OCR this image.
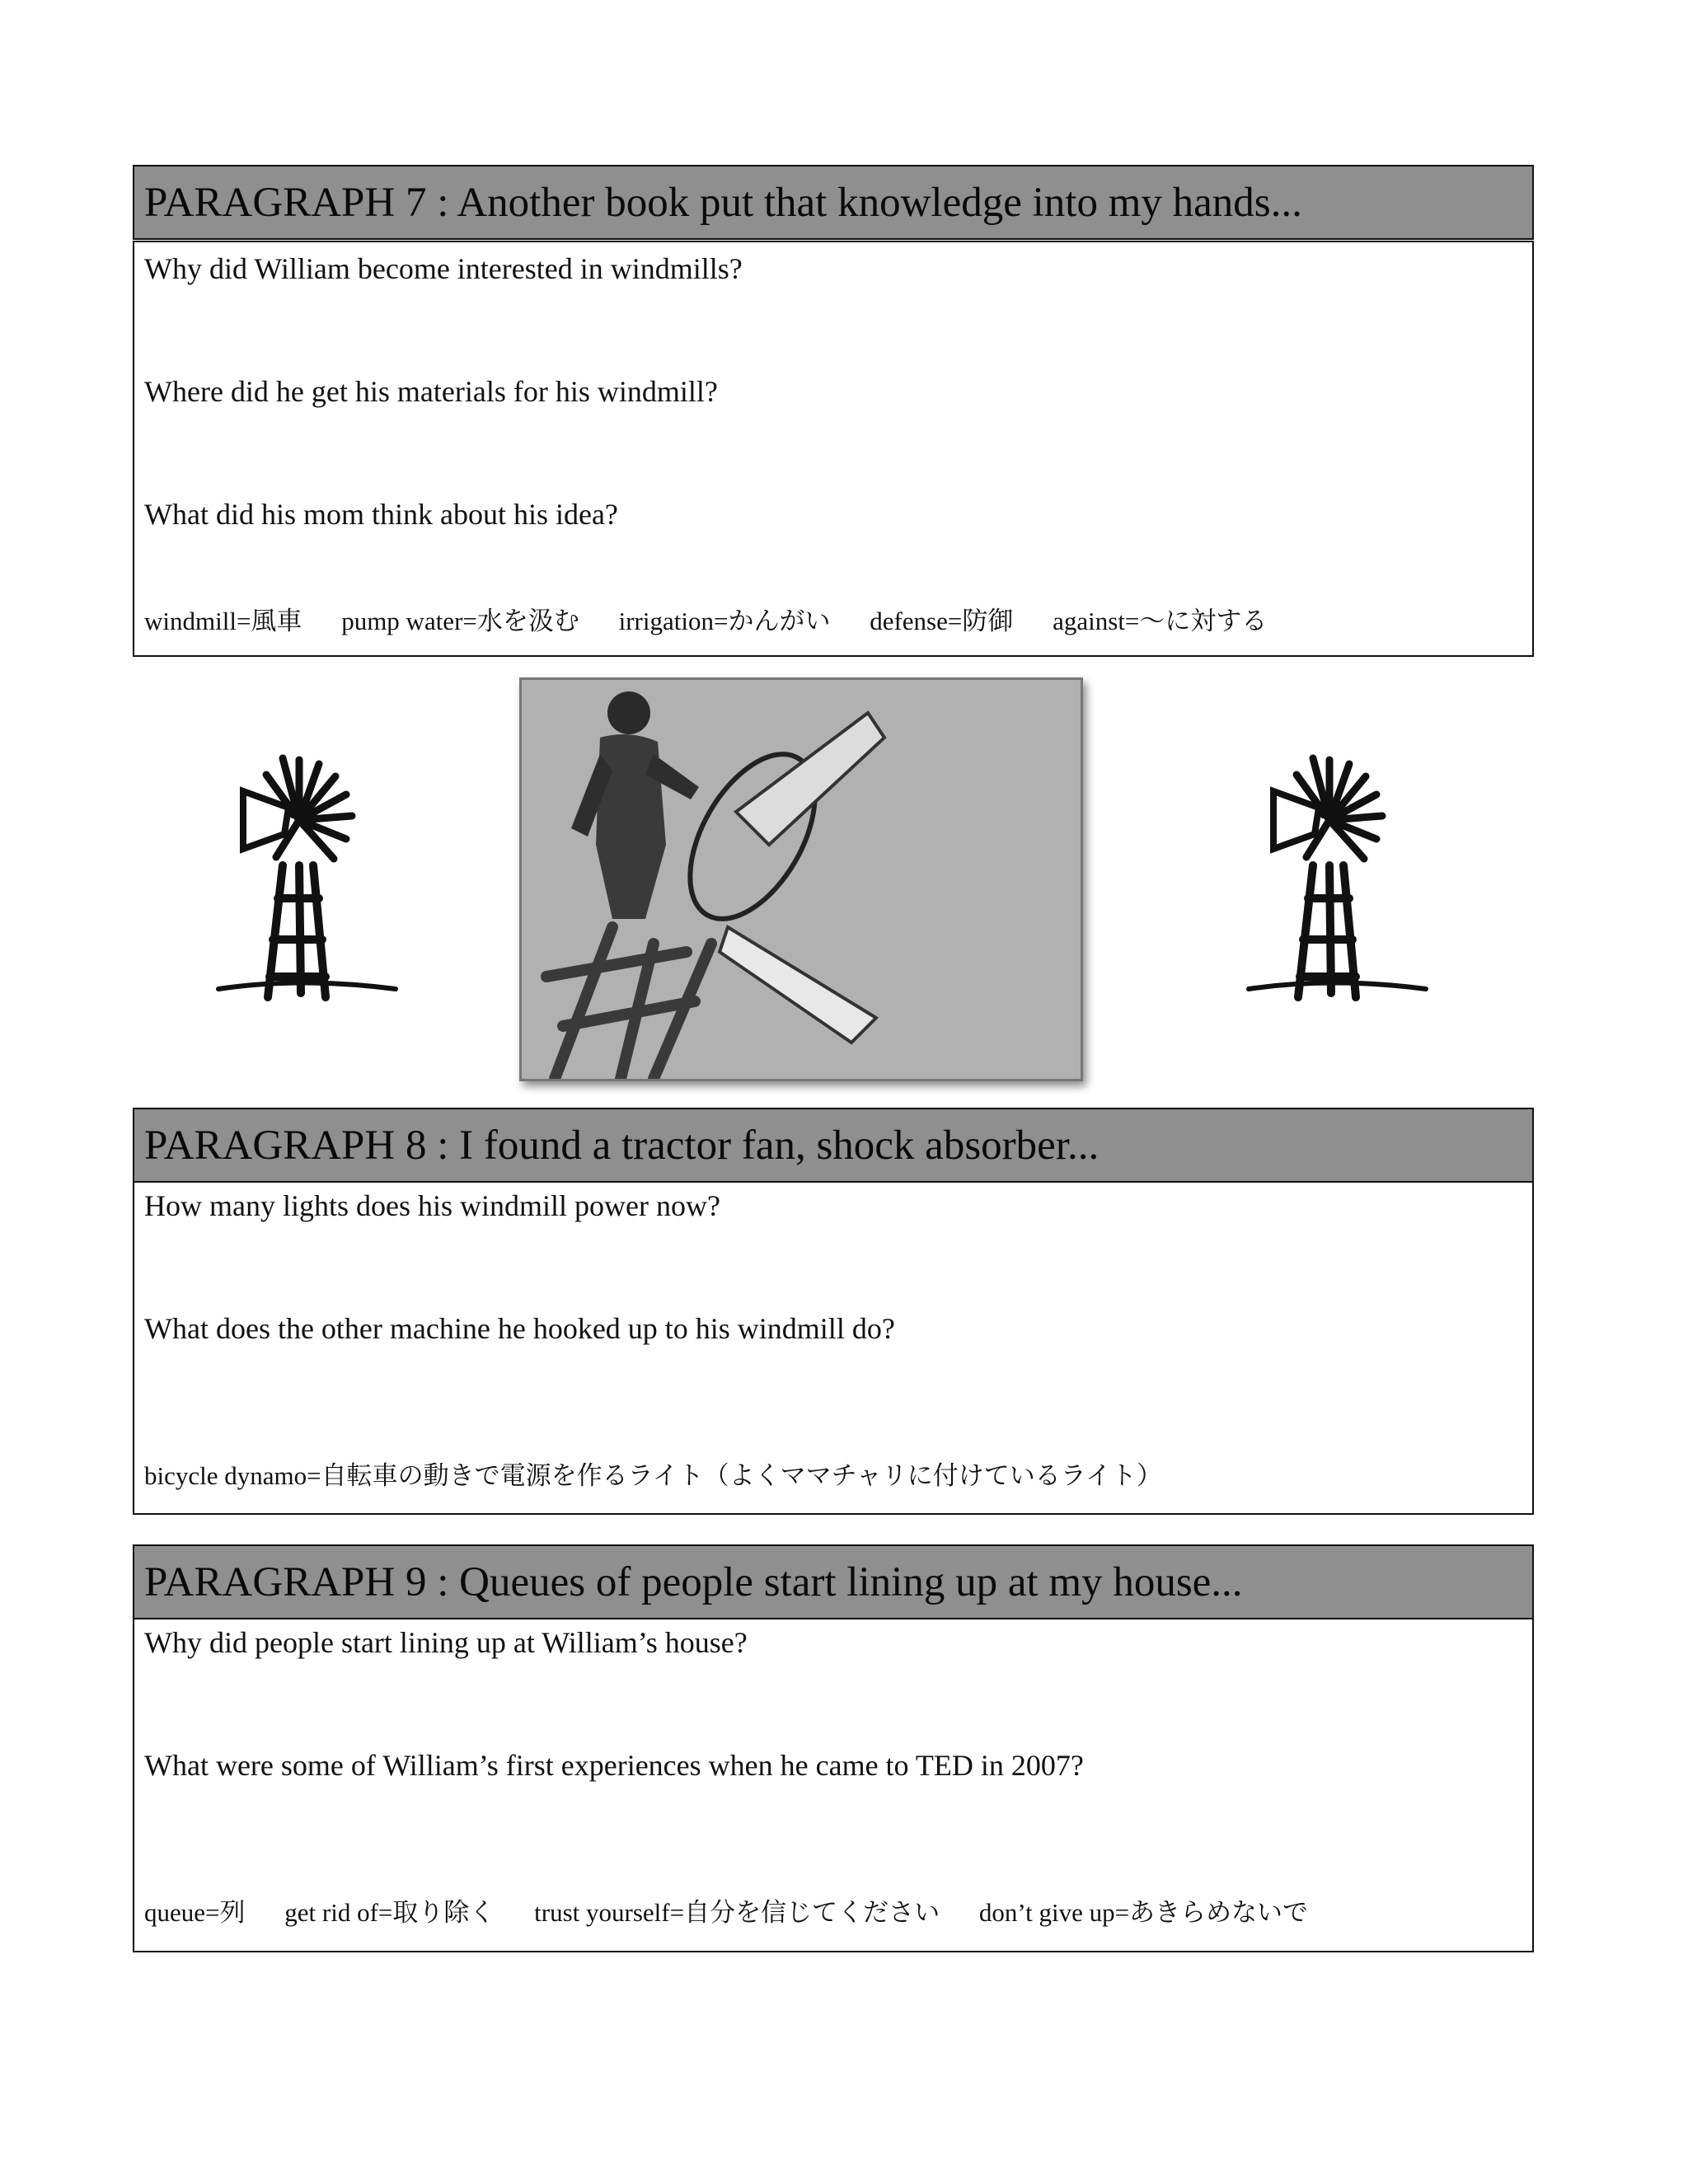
PARAGRAPH 7 : Another book put that knowledge into my hands...
Why did William become interested in windmills?
Where did he get his materials for his windmill?
What did his mom think about his idea?
windmill=風車 pump water=水を汲む irrigation=かんがい defense=防御 against=〜に対する
PARAGRAPH 8 : I found a tractor fan, shock absorber...
How many lights does his windmill power now?
What does the other machine he hooked up to his windmill do?
bicycle dynamo=自転車の動きで電源を作るライト（よくママチャリに付けているライト）
PARAGRAPH 9 : Queues of people start lining up at my house...
Why did people start lining up at William’s house?
What were some of William’s first experiences when he came to TED in 2007?
queue=列 get rid of=取り除く trust yourself=自分を信じてください don’t give up=あきらめないで
